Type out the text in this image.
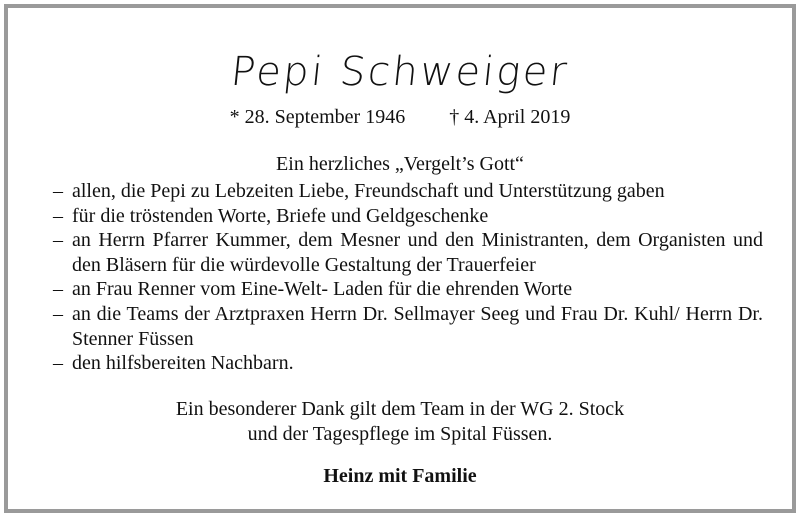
Pepi Schweiger
* 28. September 1946 † 4. April 2019
Ein herzliches „Vergelt’s Gott“
– allen, die Pepi zu Lebzeiten Liebe, Freundschaft und Unterstützung gaben
– für die tröstenden Worte, Briefe und Geldgeschenke
– an Herrn Pfarrer Kummer, dem Mesner und den Ministranten, dem Organisten und den Bläsern für die würdevolle Gestaltung der Trauerfeier
– an Frau Renner vom Eine-Welt- Laden für die ehrenden Worte
– an die Teams der Arztpraxen Herrn Dr. Sellmayer Seeg und Frau Dr. Kuhl/ Herrn Dr. Stenner Füssen
– den hilfsbereiten Nachbarn.
Ein besonderer Dank gilt dem Team in der WG 2. Stock
und der Tagespflege im Spital Füssen.
Heinz mit Familie
